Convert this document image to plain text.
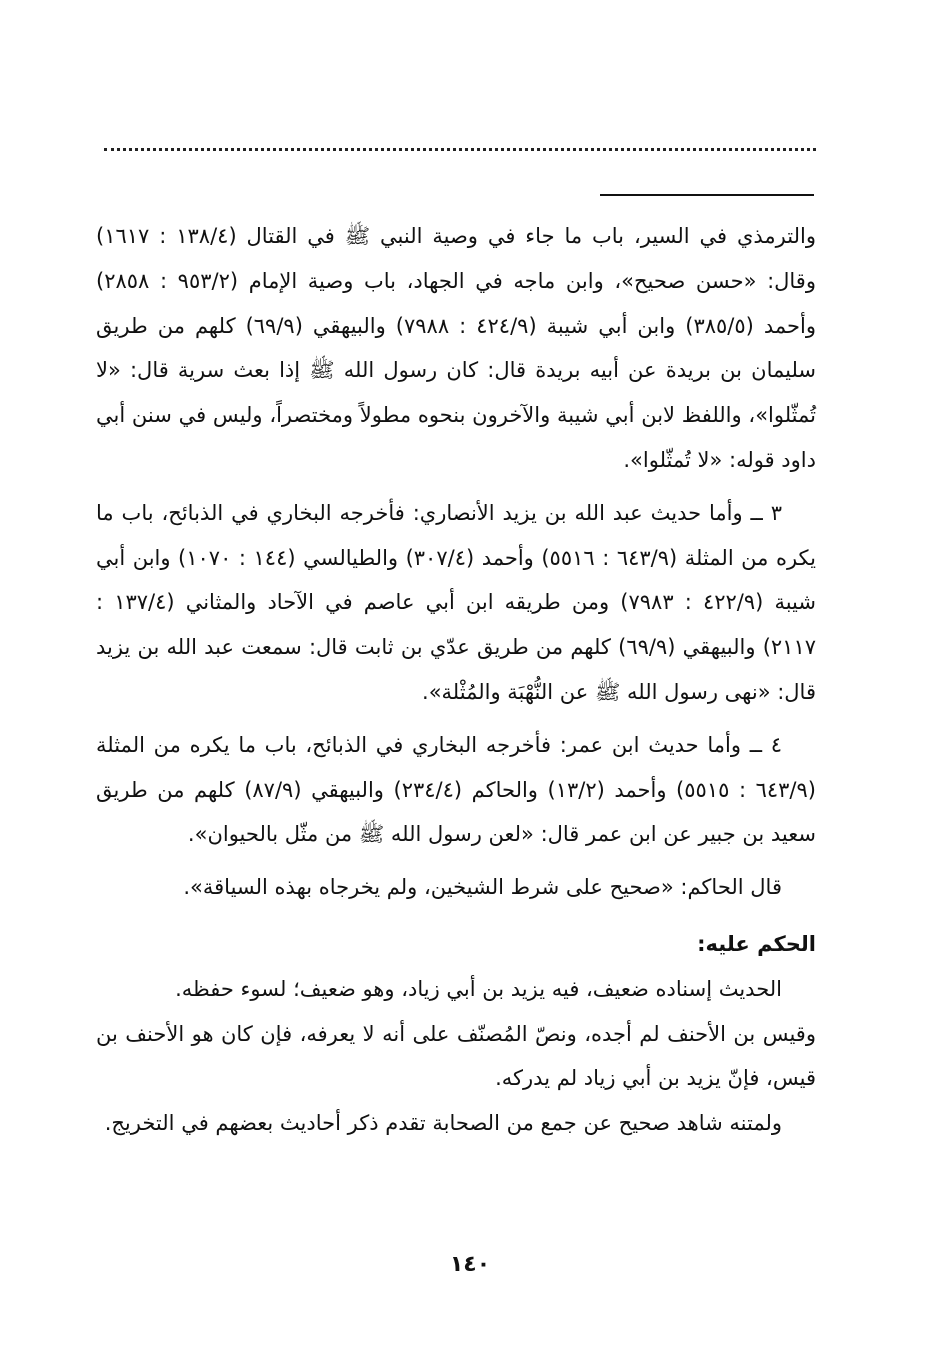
والترمذي في السير، باب ما جاء في وصية النبي ﷺ في القتال (١٣٨/٤ : ١٦١٧) وقال: «حسن صحيح»، وابن ماجه في الجهاد، باب وصية الإمام (٩٥٣/٢ : ٢٨٥٨) وأحمد (٣٨٥/٥) وابن أبي شيبة (٤٢٤/٩ : ٧٩٨٨) والبيهقي (٦٩/٩) كلهم من طريق سليمان بن بريدة عن أبيه بريدة قال: كان رسول الله ﷺ إذا بعث سرية قال: «لا تُمثّلوا»، واللفظ لابن أبي شيبة والآخرون بنحوه مطولاً ومختصراً، وليس في سنن أبي داود قوله: «لا تُمثّلوا».
٣ ــ وأما حديث عبد الله بن يزيد الأنصاري: فأخرجه البخاري في الذبائح، باب ما يكره من المثلة (٦٤٣/٩ : ٥٥١٦) وأحمد (٣٠٧/٤) والطيالسي (١٤٤ : ١٠٧٠) وابن أبي شيبة (٤٢٢/٩ : ٧٩٨٣) ومن طريقه ابن أبي عاصم في الآحاد والمثاني (١٣٧/٤ : ٢١١٧) والبيهقي (٦٩/٩) كلهم من طريق عدّي بن ثابت قال: سمعت عبد الله بن يزيد قال: «نهى رسول الله ﷺ عن النُّهْبَة والمُثْلة».
٤ ــ وأما حديث ابن عمر: فأخرجه البخاري في الذبائح، باب ما يكره من المثلة (٦٤٣/٩ : ٥٥١٥) وأحمد (١٣/٢) والحاكم (٢٣٤/٤) والبيهقي (٨٧/٩) كلهم من طريق سعيد بن جبير عن ابن عمر قال: «لعن رسول الله ﷺ من مثّل بالحيوان».
قال الحاكم: «صحيح على شرط الشيخين، ولم يخرجاه بهذه السياقة».
الحكم عليه:
الحديث إسناده ضعيف، فيه يزيد بن أبي زياد، وهو ضعيف؛ لسوء حفظه.
وقيس بن الأحنف لم أجده، ونصّ المُصنّف على أنه لا يعرفه، فإن كان هو الأحنف بن قيس، فإنّ يزيد بن أبي زياد لم يدركه.
ولمتنه شاهد صحيح عن جمع من الصحابة تقدم ذكر أحاديث بعضهم في التخريج.
١٤٠
